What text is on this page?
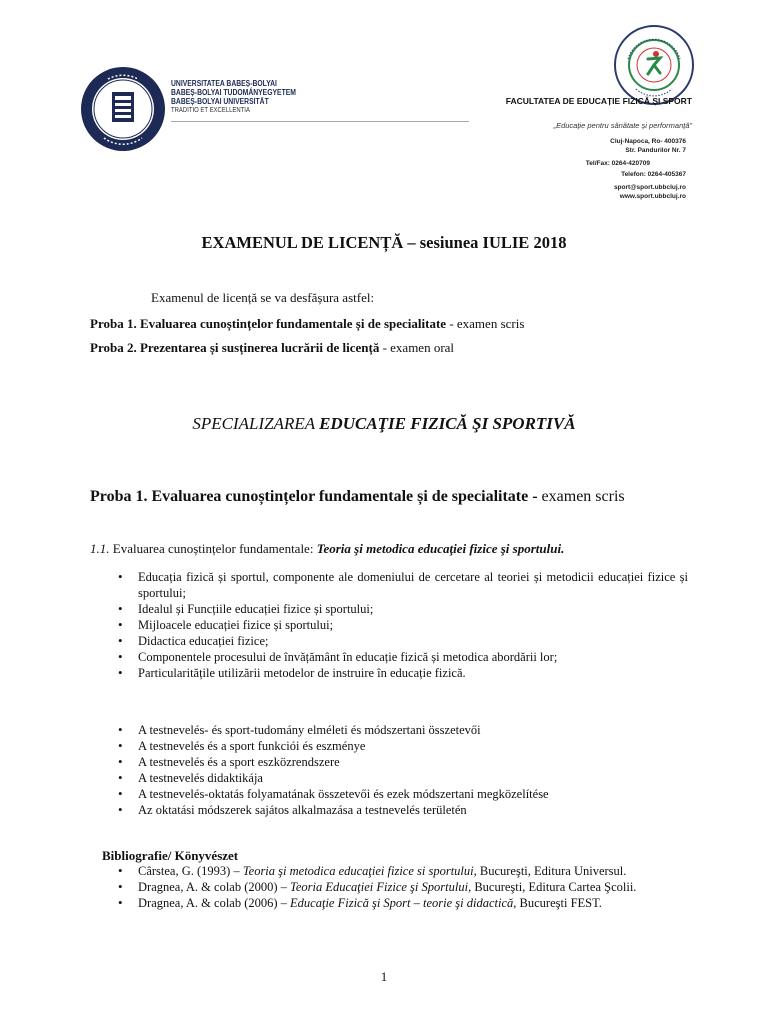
UNIVERSITATEA BABEȘ-BOLYAI
BABEȘ-BOLYAI TUDOMÁNYEGYETEM
BABEȘ-BOLYAI UNIVERSITÄT
TRADITIO ET EXCELLENTIA
FACULTATEA DE EDUCAȚIE FIZICĂ ȘI SPORT
„Educație pentru sănătate și performanță”
Cluj-Napoca, Ro- 400376
Str. Pandurilor Nr. 7
Tel/Fax: 0264-420709
Telefon: 0264-405367
sport@sport.ubbcluj.ro
www.sport.ubbcluj.ro
EXAMENUL DE LICENȚĂ – sesiunea IULIE 2018
Examenul de licență se va desfășura astfel:
Proba 1. Evaluarea cunoștințelor fundamentale și de specialitate - examen scris
Proba 2. Prezentarea și susținerea lucrării de licență - examen oral
SPECIALIZAREA EDUCAŢIE FIZICĂ ŞI SPORTIVĂ
Proba 1. Evaluarea cunoștințelor fundamentale și de specialitate - examen scris
1.1. Evaluarea cunoștințelor fundamentale: Teoria şi metodica educaţiei fizice şi sportului.
• Educația fizică și sportul, componente ale domeniului de cercetare al teoriei și metodicii educației fizice și sportului;
• Idealul și Funcțiile educației fizice și sportului;
• Mijloacele educației fizice și sportului;
• Didactica educației fizice;
• Componentele procesului de învățământ în educație fizică și metodica abordării lor;
• Particularitățile utilizării metodelor de instruire în educație fizică.
• A testnevelés- és sport-tudomány elméleti és módszertani összetevői
• A testnevelés és a sport funkciói és eszménye
• A testnevelés és a sport eszközrendszere
• A testnevelés didaktikája
• A testnevelés-oktatás folyamatának összetevői és ezek módszertani megközelítése
• Az oktatási módszerek sajátos alkalmazása a testnevelés területén
Bibliografie/ Könyvészet
• Cârstea, G. (1993) – Teoria şi metodica educaţiei fizice si sportului, Bucureşti, Editura Universul.
• Dragnea, A. & colab (2000) – Teoria Educaţiei Fizice şi Sportului, Bucureşti, Editura Cartea Şcolii.
• Dragnea, A. & colab (2006) – Educaţie Fizică şi Sport – teorie şi didactică, Bucureşti FEST.
1
